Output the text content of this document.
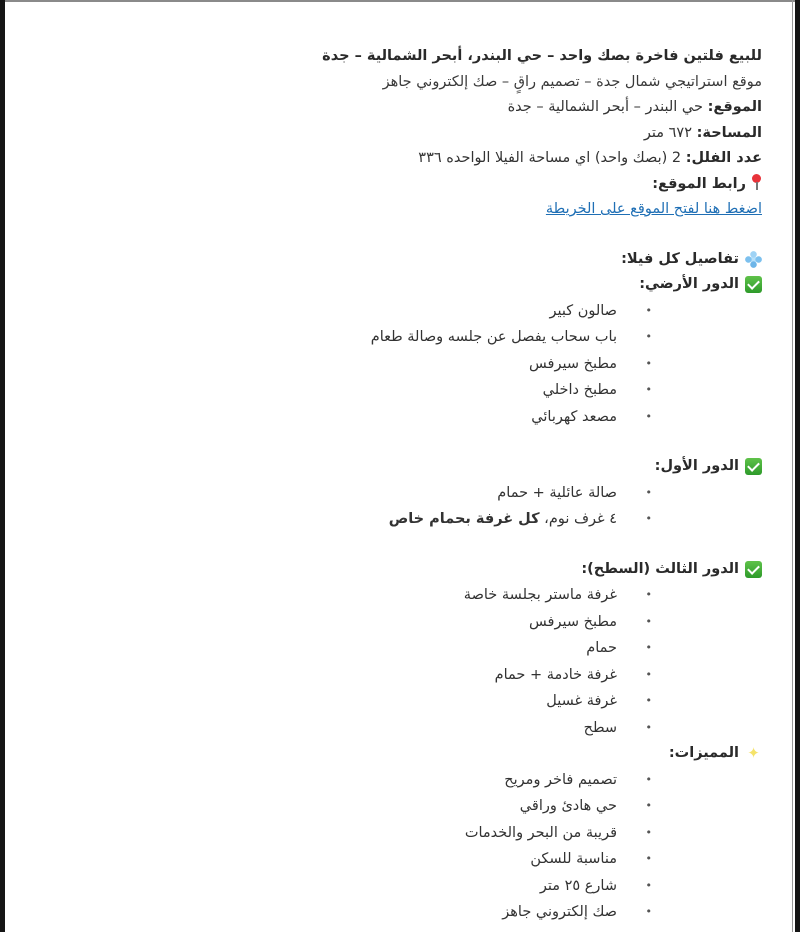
للبيع فلتين فاخرة بصك واحد – حي البندر، أبحر الشمالية – جدة
موقع استراتيجي شمال جدة – تصميم راقٍ – صك إلكتروني جاهز
الموقع: حي البندر – أبحر الشمالية – جدة
المساحة: ٦٧٢ متر
عدد الفلل: 2 (بصك واحد) اي مساحة الفيلا الواحده ٣٣٦
رابط الموقع:
اضغط هنا لفتح الموقع على الخريطة
تفاصيل كل فيلا:
الدور الأرضي:
• صالون كبير
• باب سحاب يفصل عن جلسه وصالة طعام
• مطبخ سيرفس
• مطبخ داخلي
• مصعد كهربائي
الدور الأول:
• صالة عائلية + حمام
• ٤ غرف نوم، كل غرفة بحمام خاص
الدور الثالث (السطح):
• غرفة ماستر بجلسة خاصة
• مطبخ سيرفس
• حمام
• غرفة خادمة + حمام
• غرفة غسيل
• سطح
✦
المميزات:
• تصميم فاخر ومريح
• حي هادئ وراقي
• قريبة من البحر والخدمات
• مناسبة للسكن
• شارع ٢٥ متر
• صك إلكتروني جاهز
